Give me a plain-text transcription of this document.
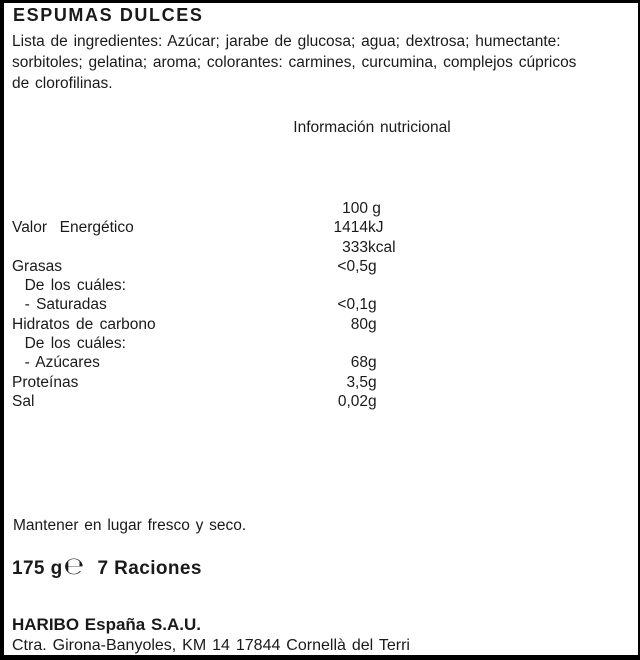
ESPUMAS DULCES
Lista de ingredientes: Azúcar; jarabe de glucosa; agua; dextrosa; humectante:
sorbitoles; gelatina; aroma; colorantes: carmines, curcumina, complejos cúpricos
de clorofilinas.
Información nutricional
100 g
Valor  Energético	1414 kJ
333 kcal
Grasas	<0,5 g
De los cuáles:
- Saturadas	<0,1 g
Hidratos de carbono	80 g
De los cuáles:
- Azúcares	68 g
Proteínas	3,5 g
Sal	0,02 g
Mantener en lugar fresco y seco.
175 g ℮ 7 Raciones
HARIBO España S.A.U.
Ctra. Girona-Banyoles, KM 14 17844 Cornellà del Terri
